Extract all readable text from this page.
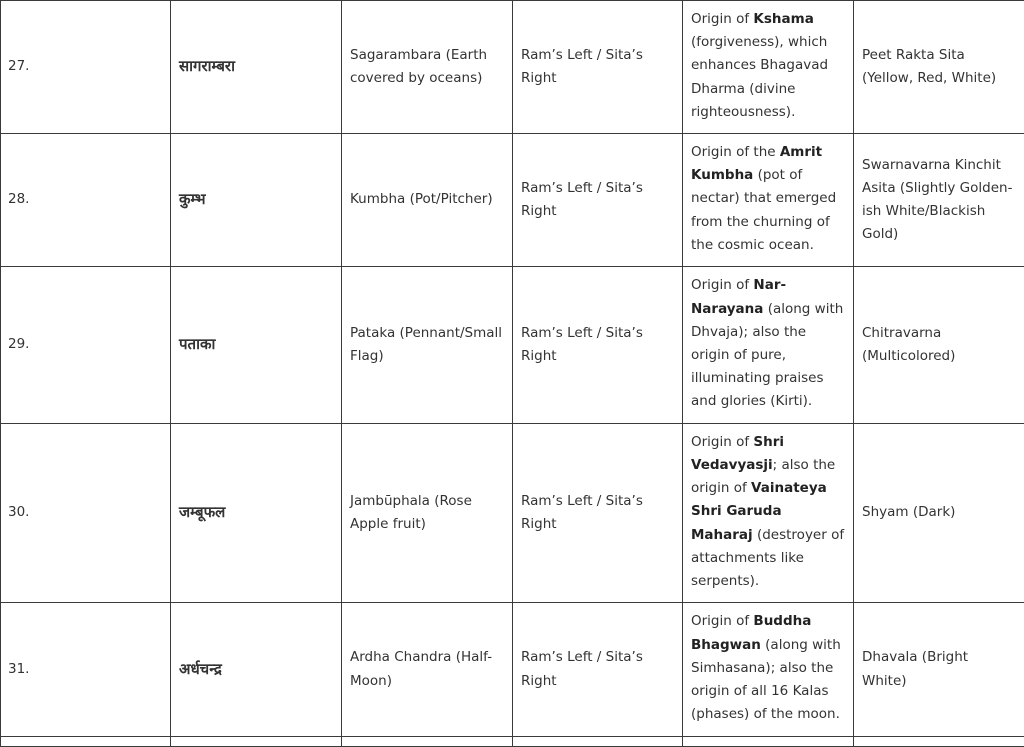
27.	सागराम्बरा	Sagarambara (Earth covered by oceans)	Ram’s Left / Sita’s Right	Origin of Kshama (forgiveness), which enhances Bhagavad Dharma (divine righteousness).	Peet Rakta Sita (Yellow, Red, White)
28.	कुम्भ	Kumbha (Pot/Pitcher)	Ram’s Left / Sita’s Right	Origin of the Amrit Kumbha (pot of nectar) that emerged from the churning of the cosmic ocean.	Swarnavarna Kinchit Asita (Slightly Golden-ish White/Blackish Gold)
29.	पताका	Pataka (Pennant/Small Flag)	Ram’s Left / Sita’s Right	Origin of Nar-Narayana (along with Dhvaja); also the origin of pure, illuminating praises and glories (Kirti).	Chitravarna (Multicolored)
30.	जम्बूफल	Jambūphala (Rose Apple fruit)	Ram’s Left / Sita’s Right	Origin of Shri Vedavyasji; also the origin of Vainateya Shri Garuda Maharaj (destroyer of attachments like serpents).	Shyam (Dark)
31.	अर्धचन्द्र	Ardha Chandra (Half-Moon)	Ram’s Left / Sita’s Right	Origin of Buddha Bhagwan (along with Simhasana); also the origin of all 16 Kalas (phases) of the moon.	Dhavala (Bright White)
